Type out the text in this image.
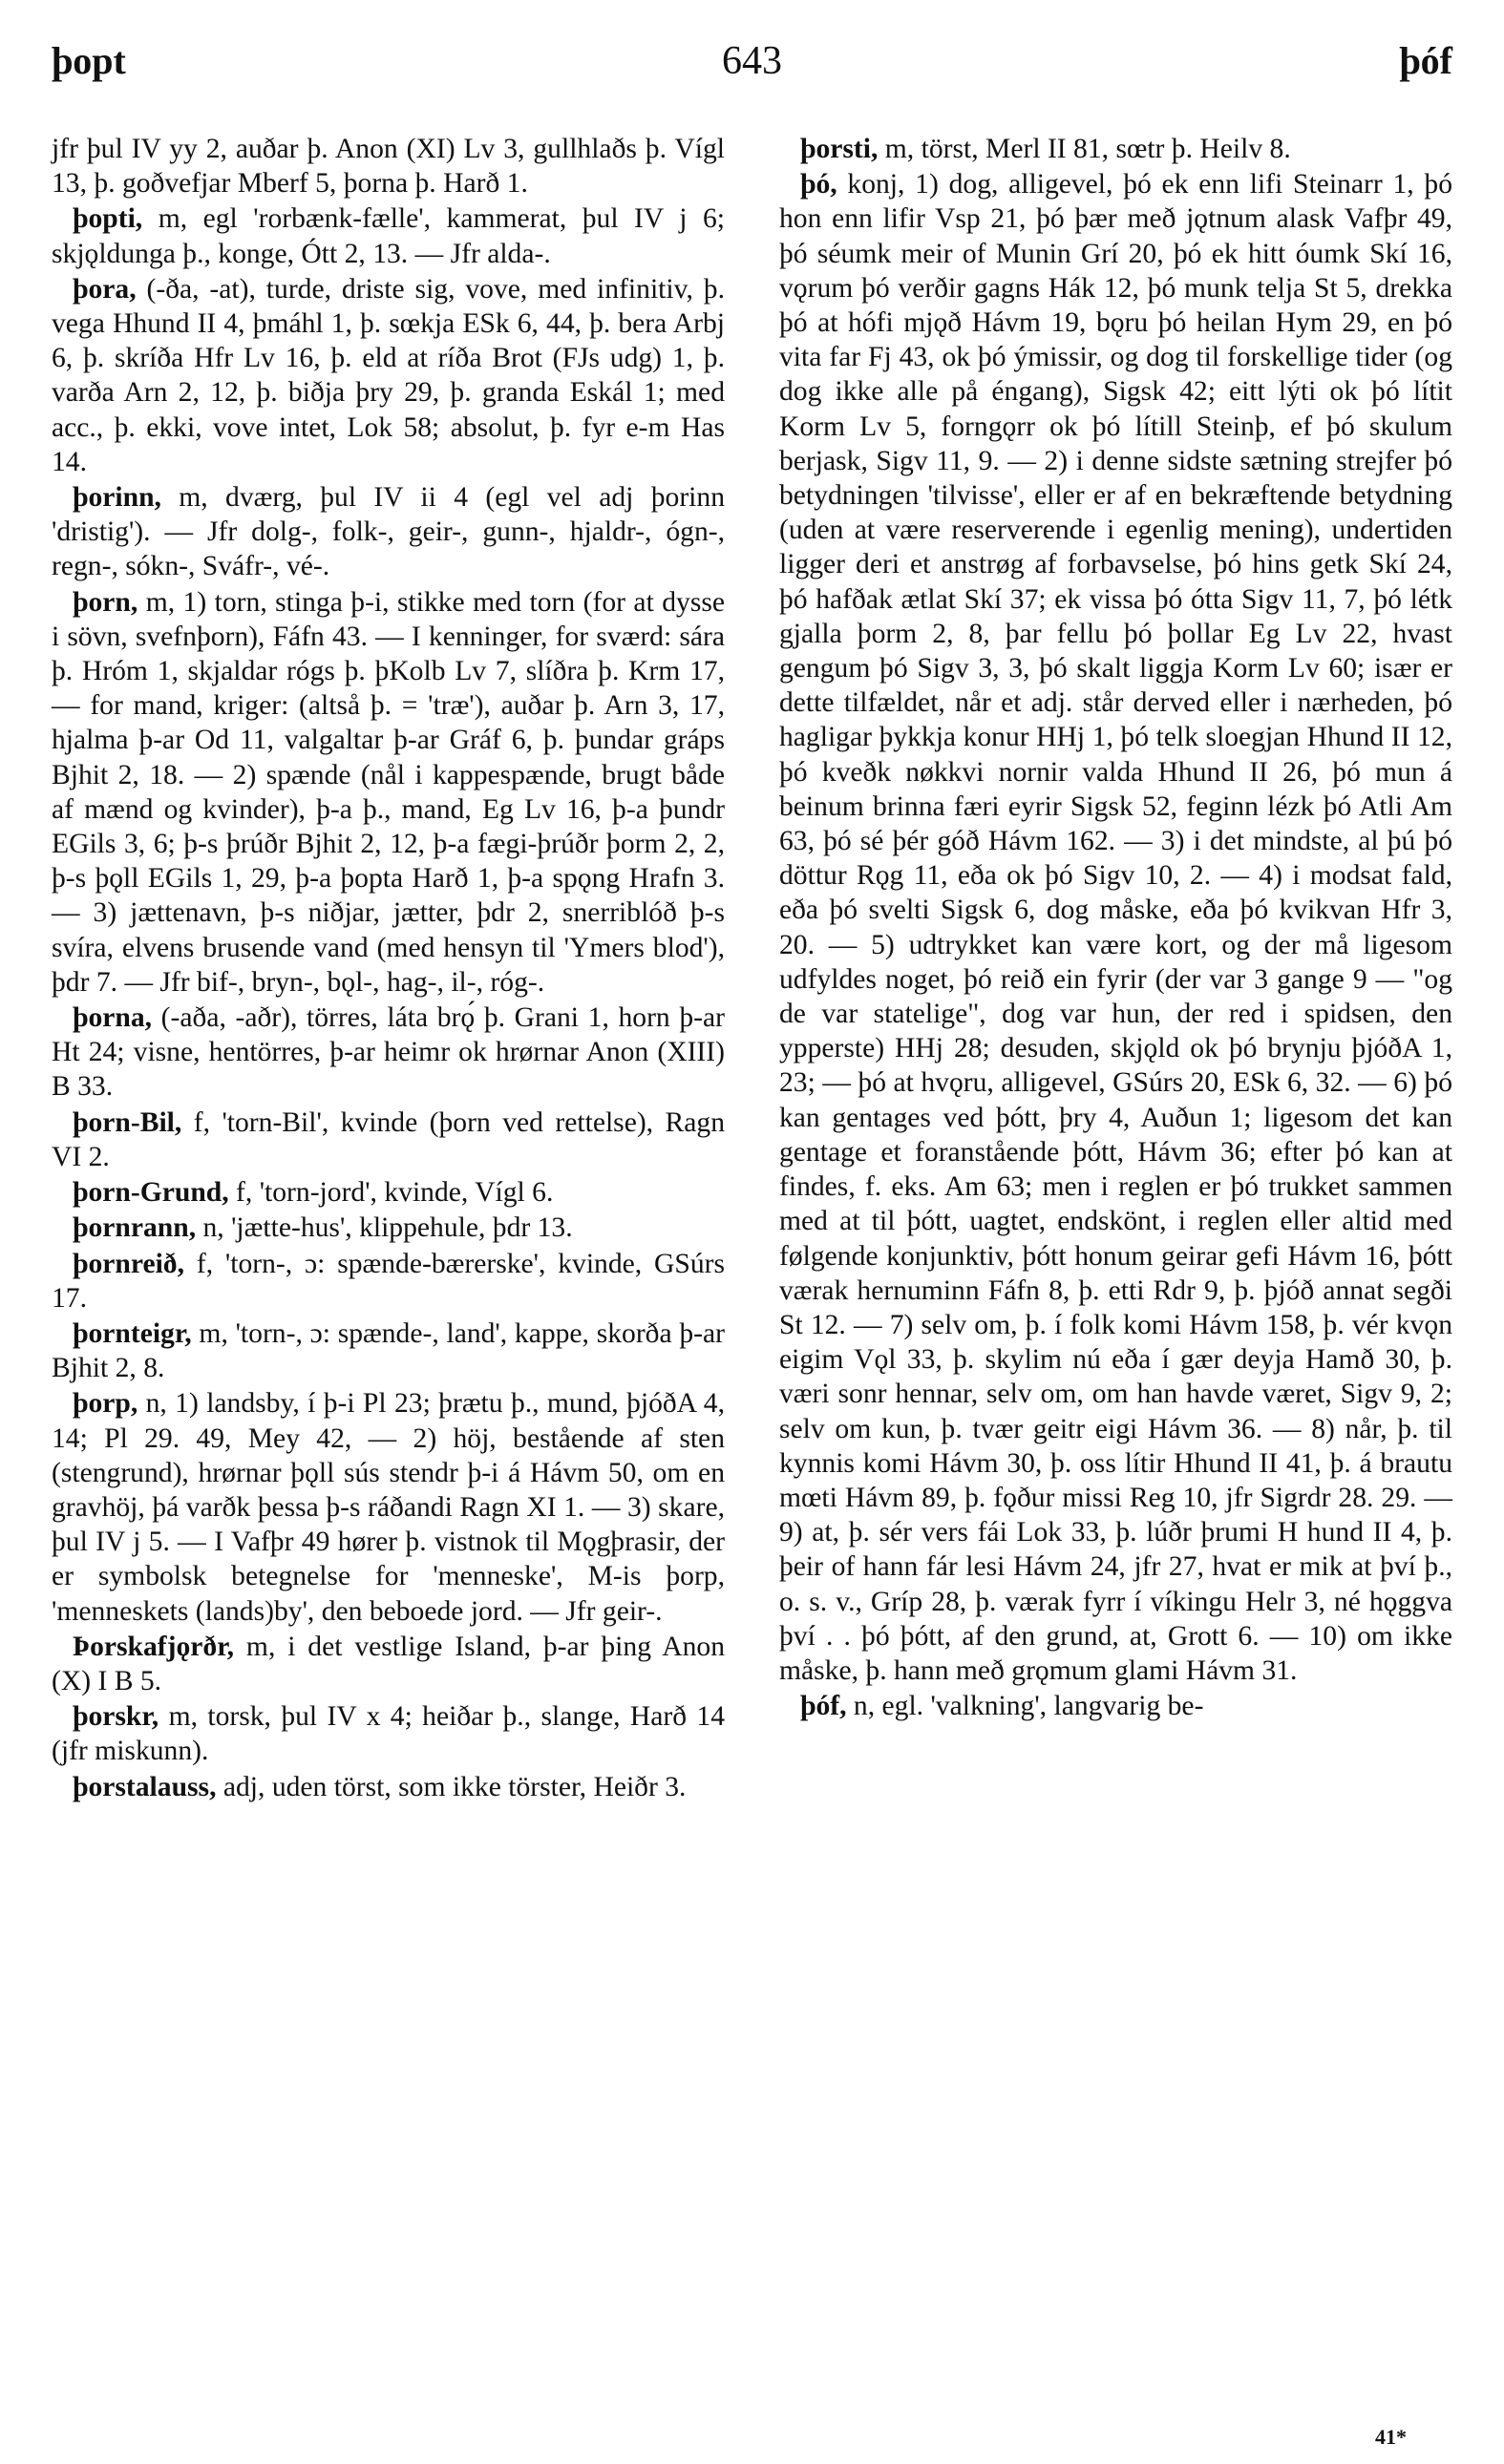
þopt	643	þóf

jfr þul IV yy 2, auðar þ. Anon (XI) Lv 3, gullhlaðs þ. Vígl 13, þ. goðvefjar Mberf 5, þorna þ. Harð 1.

þopti, m, egl 'rorbænk-fælle', kammerat, þul IV j 6; skjǫldunga þ., konge, Ótt 2, 13. — Jfr alda-.

þora, (-ða, -at), turde, driste sig, vove, med infinitiv, þ. vega Hhund II 4, þmáhl 1, þ. sœkja ESk 6, 44, þ. bera Arbj 6, þ. skríða Hfr Lv 16, þ. eld at ríða Brot (FJs udg) 1, þ. varða Arn 2, 12, þ. biðja þry 29, þ. granda Eskál 1; med acc., þ. ekki, vove intet, Lok 58; absolut, þ. fyr e-m Has 14.

þorinn, m, dværg, þul IV ii 4 (egl vel adj þorinn 'dristig'). — Jfr dolg-, folk-, geir-, gunn-, hjaldr-, ógn-, regn-, sókn-, Sváfr-, vé-.

þorn, m, 1) torn, stinga þ-i, stikke med torn (for at dysse i sövn, svefnþorn), Fáfn 43. — I kenninger, for sværd: sára þ. Hróm 1, skjaldar rógs þ. þKolb Lv 7, slíðra þ. Krm 17, — for mand, kriger: (altså þ. = 'træ'), auðar þ. Arn 3, 17, hjalma þ-ar Od 11, valgaltar þ-ar Gráf 6, þ. þundar gráps Bjhit 2, 18. — 2) spænde (nål i kappespænde, brugt både af mænd og kvinder), þ-a þ., mand, Eg Lv 16, þ-a þundr EGils 3, 6; þ-s þrúðr Bjhit 2, 12, þ-a fægi-þrúðr þorm 2, 2, þ-s þǫll EGils 1, 29, þ-a þopta Harð 1, þ-a spǫng Hrafn 3. — 3) jættenavn, þ-s niðjar, jætter, þdr 2, snerriblóð þ-s svíra, elvens brusende vand (med hensyn til 'Ymers blod'), þdr 7. — Jfr bif-, bryn-, bǫl-, hag-, il-, róg-.

þorna, (-aða, -aðr), törres, láta brǫ́ þ. Grani 1, horn þ-ar Ht 24; visne, hentörres, þ-ar heimr ok hrørnar Anon (XIII) B 33.

þorn-Bil, f, 'torn-Bil', kvinde (þorn ved rettelse), Ragn VI 2.

þorn-Grund, f, 'torn-jord', kvinde, Vígl 6.

þornrann, n, 'jætte-hus', klippehule, þdr 13.

þornreið, f, 'torn-, ɔ: spænde-bærerske', kvinde, GSúrs 17.

þornteigr, m, 'torn-, ɔ: spænde-, land', kappe, skorða þ-ar Bjhit 2, 8.

þorp, n, 1) landsby, í þ-i Pl 23; þrætu þ., mund, þjóðA 4, 14; Pl 29. 49, Mey 42, — 2) höj, bestående af sten (stengrund), hrørnar þǫll sús stendr þ-i á Hávm 50, om en gravhöj, þá varðk þessa þ-s ráðandi Ragn XI 1. — 3) skare, þul IV j 5. — I Vafþr 49 hører þ. vistnok til Mǫgþrasir, der er symbolsk betegnelse for 'menneske', M-is þorp, 'menneskets (lands)by', den beboede jord. — Jfr geir-.

Þorskafjǫrðr, m, i det vestlige Island, þ-ar þing Anon (X) I B 5.

þorskr, m, torsk, þul IV x 4; heiðar þ., slange, Harð 14 (jfr miskunn).

þorstalauss, adj, uden törst, som ikke törster, Heiðr 3.

þorsti, m, törst, Merl II 81, sœtr þ. Heilv 8.

þó, konj, 1) dog, alligevel, þó ek enn lifi Steinarr 1, þó hon enn lifir Vsp 21, þó þær með jǫtnum alask Vafþr 49, þó séumk meir of Munin Grí 20, þó ek hitt óumk Skí 16, vǫrum þó verðir gagns Hák 12, þó munk telja St 5, drekka þó at hófi mjǫð Hávm 19, bǫru þó heilan Hym 29, en þó vita far Fj 43, ok þó ýmissir, og dog til forskellige tider (og dog ikke alle på éngang), Sigsk 42; eitt lýti ok þó lítit Korm Lv 5, forngǫrr ok þó lítill Steinþ, ef þó skulum berjask, Sigv 11, 9. — 2) i denne sidste sætning strejfer þó betydningen 'tilvisse', eller er af en bekræftende betydning (uden at være reserverende i egenlig mening), undertiden ligger deri et anstrøg af forbavselse, þó hins getk Skí 24, þó hafðak ætlat Skí 37; ek vissa þó ótta Sigv 11, 7, þó létk gjalla þorm 2, 8, þar fellu þó þollar Eg Lv 22, hvast gengum þó Sigv 3, 3, þó skalt liggja Korm Lv 60; især er dette tilfældet, når et adj. står derved eller i nærheden, þó hagligar þykkja konur HHj 1, þó telk sloegjan Hhund II 12, þó kveðk nøkkvi nornir valda Hhund II 26, þó mun á beinum brinna færi eyrir Sigsk 52, feginn lézk þó Atli Am 63, þó sé þér góð Hávm 162. — 3) i det mindste, al þú þó döttur Rǫg 11, eða ok þó Sigv 10, 2. — 4) i modsat fald, eða þó svelti Sigsk 6, dog måske, eða þó kvikvan Hfr 3, 20. — 5) udtrykket kan være kort, og der må ligesom udfyldes noget, þó reið ein fyrir (der var 3 gange 9 — "og de var statelige", dog var hun, der red i spidsen, den ypperste) HHj 28; desuden, skjǫld ok þó brynju þjóðA 1, 23; — þó at hvǫru, alligevel, GSúrs 20, ESk 6, 32. — 6) þó kan gentages ved þótt, þry 4, Auðun 1; ligesom det kan gentage et foranstående þótt, Hávm 36; efter þó kan at findes, f. eks. Am 63; men i reglen er þó trukket sammen med at til þótt, uagtet, endskönt, i reglen eller altid med følgende konjunktiv, þótt honum geirar gefi Hávm 16, þótt værak hernuminn Fáfn 8, þ. etti Rdr 9, þ. þjóð annat segði St 12. — 7) selv om, þ. í folk komi Hávm 158, þ. vér kvǫn eigim Vǫl 33, þ. skylim nú eða í gær deyja Hamð 30, þ. væri sonr hennar, selv om, om han havde været, Sigv 9, 2; selv om kun, þ. tvær geitr eigi Hávm 36. — 8) når, þ. til kynnis komi Hávm 30, þ. oss lítir Hhund II 41, þ. á brautu mœti Hávm 89, þ. fǫður missi Reg 10, jfr Sigrdr 28. 29. — 9) at, þ. sér vers fái Lok 33, þ. lúðr þrumi H hund II 4, þ. þeir of hann fár lesi Hávm 24, jfr 27, hvat er mik at því þ., o. s. v., Gríp 28, þ. værak fyrr í víkingu Helr 3, né hǫggva því . . þó þótt, af den grund, at, Grott 6. — 10) om ikke måske, þ. hann með grǫmum glami Hávm 31.

þóf, n, egl. 'valkning', langvarig be-

41*
